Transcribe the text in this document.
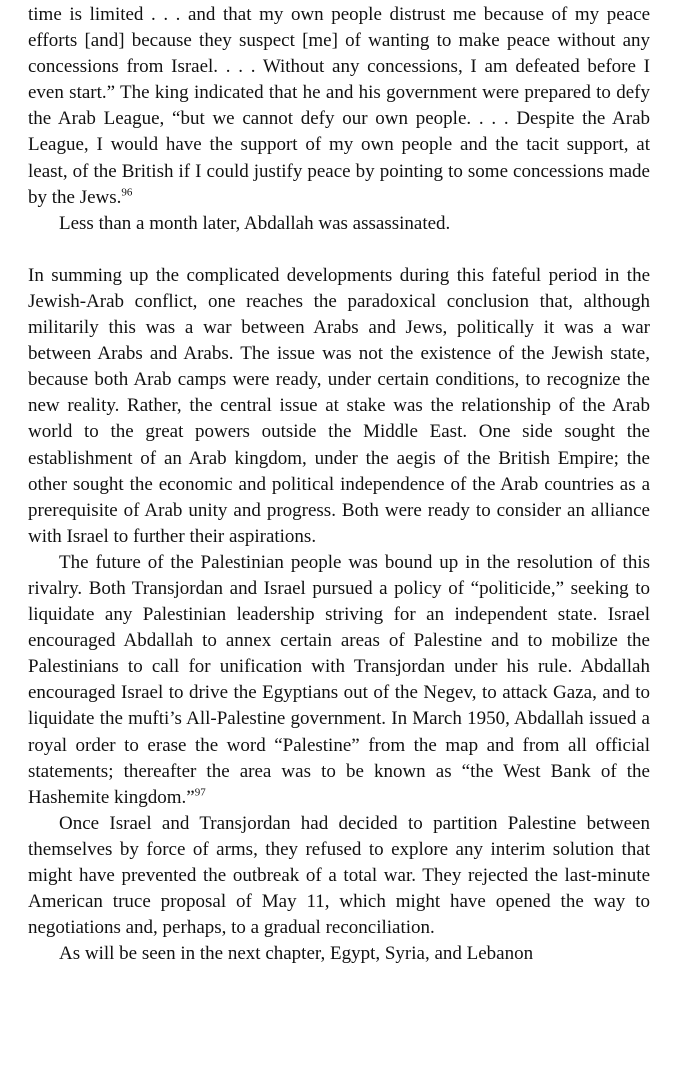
time is limited . . . and that my own people distrust me because of my peace efforts [and] because they suspect [me] of wanting to make peace without any concessions from Israel. . . . Without any concessions, I am defeated before I even start.” The king indicated that he and his government were prepared to defy the Arab League, “but we cannot defy our own people. . . . Despite the Arab League, I would have the support of my own people and the tacit support, at least, of the British if I could justify peace by pointing to some concessions made by the Jews.$^{96}$

Less than a month later, Abdallah was assassinated.

In summing up the complicated developments during this fateful period in the Jewish-Arab conflict, one reaches the paradoxical conclusion that, although militarily this was a war between Arabs and Jews, politically it was a war between Arabs and Arabs. The issue was not the existence of the Jewish state, because both Arab camps were ready, under certain conditions, to recognize the new reality. Rather, the central issue at stake was the relationship of the Arab world to the great powers outside the Middle East. One side sought the establishment of an Arab kingdom, under the aegis of the British Empire; the other sought the economic and political independence of the Arab countries as a prerequisite of Arab unity and progress. Both were ready to consider an alliance with Israel to further their aspirations.

The future of the Palestinian people was bound up in the resolution of this rivalry. Both Transjordan and Israel pursued a policy of “politicide,” seeking to liquidate any Palestinian leadership striving for an independent state. Israel encouraged Abdallah to annex certain areas of Palestine and to mobilize the Palestinians to call for unification with Transjordan under his rule. Abdallah encouraged Israel to drive the Egyptians out of the Negev, to attack Gaza, and to liquidate the mufti’s All-Palestine government. In March 1950, Abdallah issued a royal order to erase the word “Palestine” from the map and from all official statements; thereafter the area was to be known as “the West Bank of the Hashemite kingdom.”$^{97}$

Once Israel and Transjordan had decided to partition Palestine between themselves by force of arms, they refused to explore any interim solution that might have prevented the outbreak of a total war. They rejected the last-minute American truce proposal of May 11, which might have opened the way to negotiations and, perhaps, to a gradual reconciliation.

As will be seen in the next chapter, Egypt, Syria, and Lebanon
